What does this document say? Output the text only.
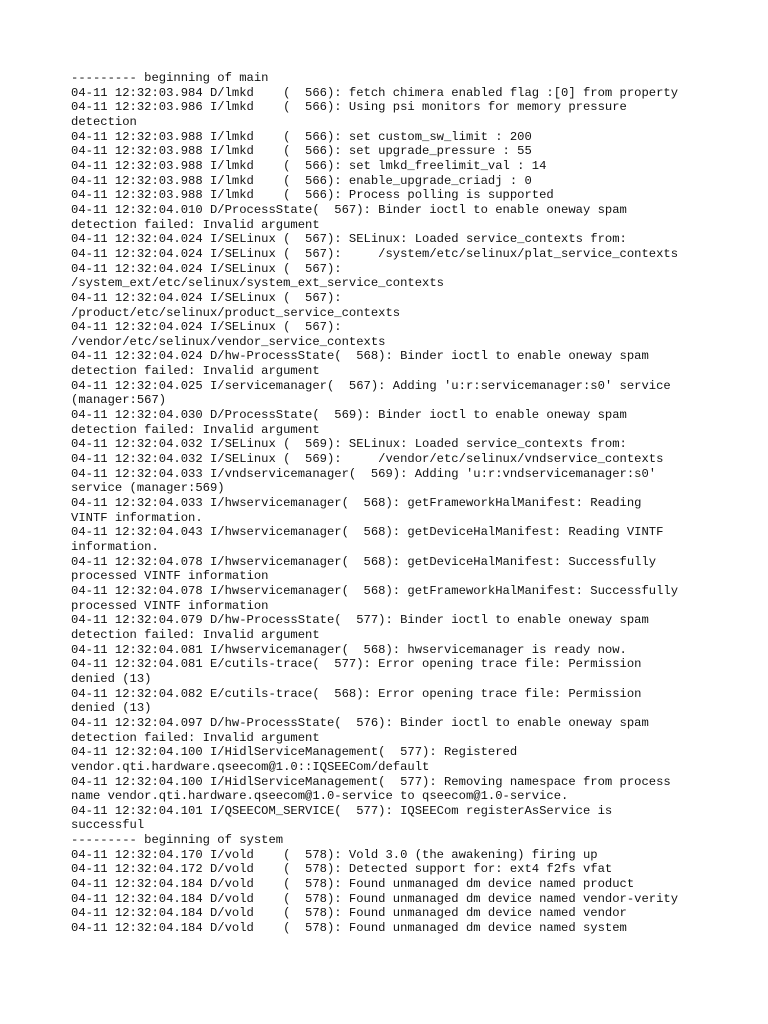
--------- beginning of main
04-11 12:32:03.984 D/lmkd    (  566): fetch chimera enabled flag :[0] from property
04-11 12:32:03.986 I/lmkd    (  566): Using psi monitors for memory pressure
detection
04-11 12:32:03.988 I/lmkd    (  566): set custom_sw_limit : 200
04-11 12:32:03.988 I/lmkd    (  566): set upgrade_pressure : 55
04-11 12:32:03.988 I/lmkd    (  566): set lmkd_freelimit_val : 14
04-11 12:32:03.988 I/lmkd    (  566): enable_upgrade_criadj : 0
04-11 12:32:03.988 I/lmkd    (  566): Process polling is supported
04-11 12:32:04.010 D/ProcessState(  567): Binder ioctl to enable oneway spam
detection failed: Invalid argument
04-11 12:32:04.024 I/SELinux (  567): SELinux: Loaded service_contexts from:
04-11 12:32:04.024 I/SELinux (  567):     /system/etc/selinux/plat_service_contexts
04-11 12:32:04.024 I/SELinux (  567):
/system_ext/etc/selinux/system_ext_service_contexts
04-11 12:32:04.024 I/SELinux (  567):
/product/etc/selinux/product_service_contexts
04-11 12:32:04.024 I/SELinux (  567):
/vendor/etc/selinux/vendor_service_contexts
04-11 12:32:04.024 D/hw-ProcessState(  568): Binder ioctl to enable oneway spam
detection failed: Invalid argument
04-11 12:32:04.025 I/servicemanager(  567): Adding 'u:r:servicemanager:s0' service
(manager:567)
04-11 12:32:04.030 D/ProcessState(  569): Binder ioctl to enable oneway spam
detection failed: Invalid argument
04-11 12:32:04.032 I/SELinux (  569): SELinux: Loaded service_contexts from:
04-11 12:32:04.032 I/SELinux (  569):     /vendor/etc/selinux/vndservice_contexts
04-11 12:32:04.033 I/vndservicemanager(  569): Adding 'u:r:vndservicemanager:s0'
service (manager:569)
04-11 12:32:04.033 I/hwservicemanager(  568): getFrameworkHalManifest: Reading
VINTF information.
04-11 12:32:04.043 I/hwservicemanager(  568): getDeviceHalManifest: Reading VINTF
information.
04-11 12:32:04.078 I/hwservicemanager(  568): getDeviceHalManifest: Successfully
processed VINTF information
04-11 12:32:04.078 I/hwservicemanager(  568): getFrameworkHalManifest: Successfully
processed VINTF information
04-11 12:32:04.079 D/hw-ProcessState(  577): Binder ioctl to enable oneway spam
detection failed: Invalid argument
04-11 12:32:04.081 I/hwservicemanager(  568): hwservicemanager is ready now.
04-11 12:32:04.081 E/cutils-trace(  577): Error opening trace file: Permission
denied (13)
04-11 12:32:04.082 E/cutils-trace(  568): Error opening trace file: Permission
denied (13)
04-11 12:32:04.097 D/hw-ProcessState(  576): Binder ioctl to enable oneway spam
detection failed: Invalid argument
04-11 12:32:04.100 I/HidlServiceManagement(  577): Registered
vendor.qti.hardware.qseecom@1.0::IQSEECom/default
04-11 12:32:04.100 I/HidlServiceManagement(  577): Removing namespace from process
name vendor.qti.hardware.qseecom@1.0-service to qseecom@1.0-service.
04-11 12:32:04.101 I/QSEECOM_SERVICE(  577): IQSEECom registerAsService is
successful
--------- beginning of system
04-11 12:32:04.170 I/vold    (  578): Vold 3.0 (the awakening) firing up
04-11 12:32:04.172 D/vold    (  578): Detected support for: ext4 f2fs vfat
04-11 12:32:04.184 D/vold    (  578): Found unmanaged dm device named product
04-11 12:32:04.184 D/vold    (  578): Found unmanaged dm device named vendor-verity
04-11 12:32:04.184 D/vold    (  578): Found unmanaged dm device named vendor
04-11 12:32:04.184 D/vold    (  578): Found unmanaged dm device named system
